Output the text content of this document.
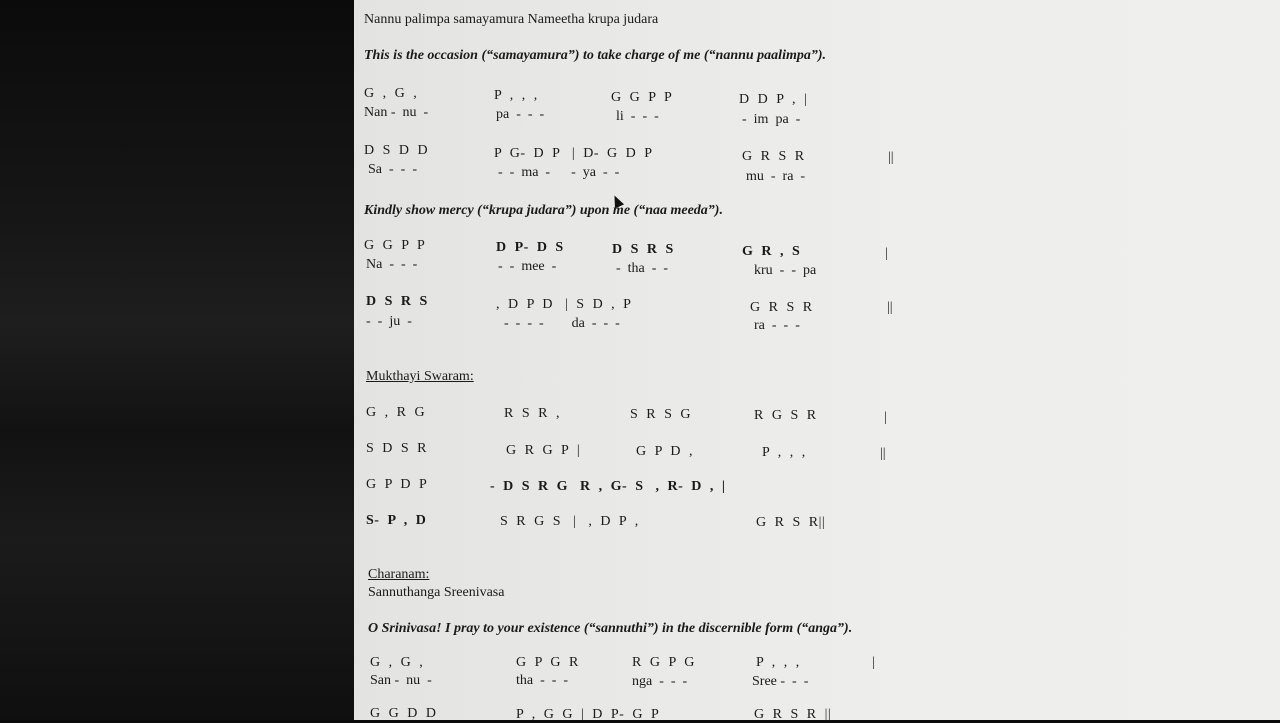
Nannu palimpa samayamura Nameetha krupa judara
This is the occasion (“samayamura”) to take charge of me (“nannu paalimpa”).
G  ,  G  ,	P  ,  ,  ,	G  G  P  P	D  D  P  ,  |
Nan -  nu  -	pa  -  -  -	li  -  -  -	-  im  pa  -
D  S  D  D	P  G-  D  P   |  D-  G  D  P	G  R  S  R	||
Sa  -  -  -	-  -  ma  -      -  ya  -  -	mu  -  ra  -
Kindly show mercy (“krupa judara”) upon me (“naa meeda”).
G  G  P  P	D  P-  D  S	D  S  R  S	G  R  ,  S	|
Na  -  -  -	-  -  mee  -	-  tha  -  -	kru  -  -  pa
D  S  R  S	,  D  P  D   |  S  D  ,  P	G  R  S  R	||
-  -  ju  -	-  -  -  -        da  -  -  -	ra  -  -  -
Mukthayi Swaram:
G  ,  R  G	R  S  R  ,	S  R  S  G	R  G  S  R	|
S  D  S  R	G  R  G  P  |	G  P  D  ,	P  ,  ,  ,	||
G  P  D  P	-  D  S  R  G   R  ,  G-  S   ,  R-  D  ,  |
S-  P  ,  D	S  R  G  S   |   ,  D  P  ,	G  R  S  R||
Charanam:
Sannuthanga Sreenivasa
O Srinivasa! I pray to your existence (“sannuthi”) in the discernible form (“anga”).
G  ,  G  ,	G  P  G  R	R  G  P  G	P  ,  ,  ,	|
San -  nu  -	tha  -  -  -	nga  -  -  -	Sree -  -  -
G  G  D  D	P  ,  G  G  |  D  P-  G  P	G  R  S  R  ||
